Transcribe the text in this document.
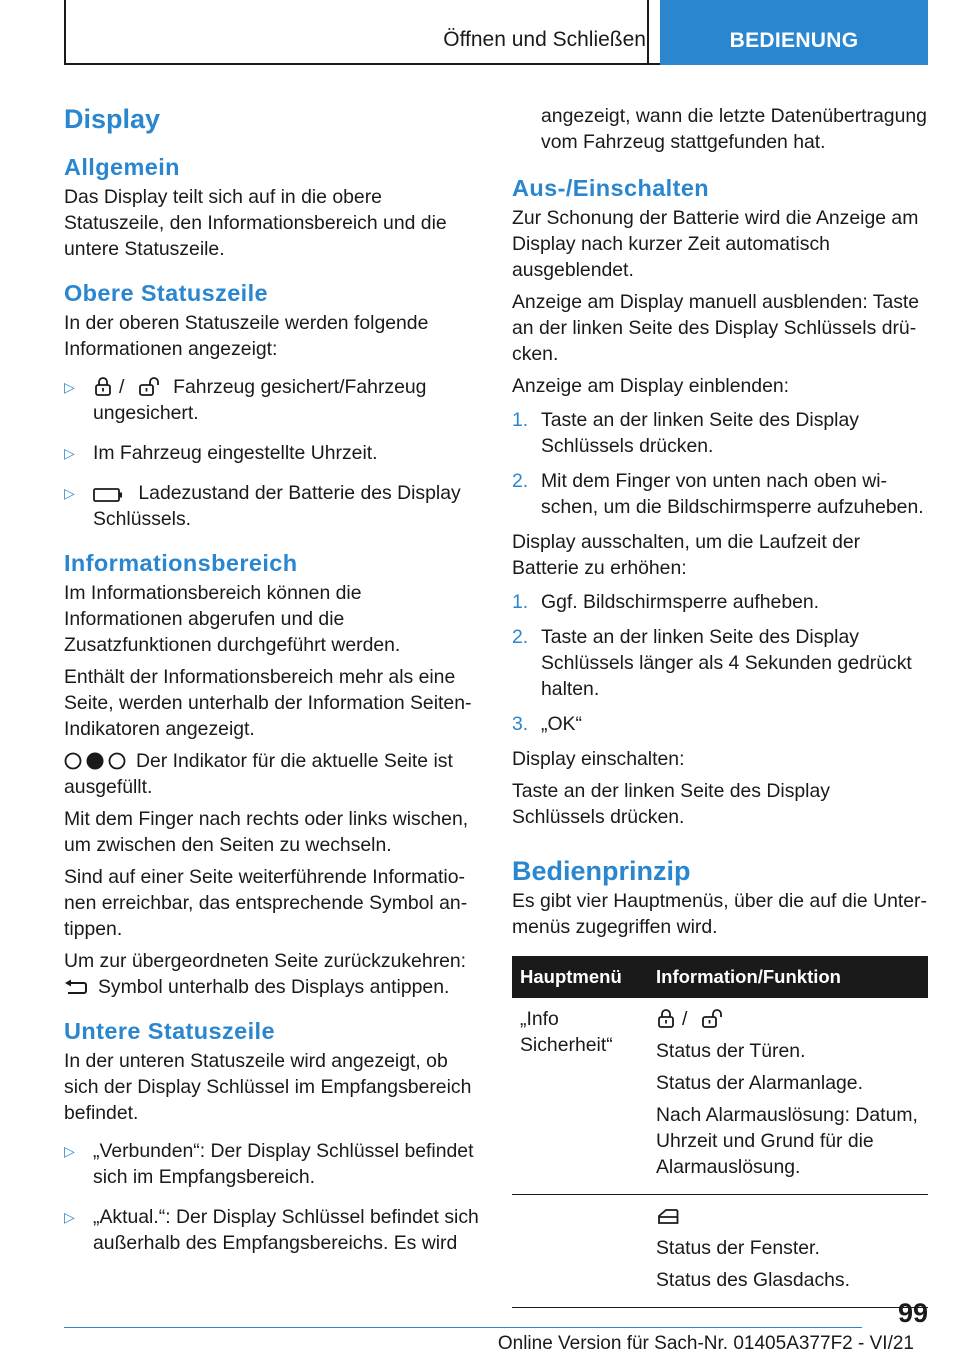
Öffnen und Schließen	BEDIENUNG
Display
Allgemein
Das Display teilt sich auf in die obere Statuszeile, den Informationsbereich und die untere Statuszeile.
Obere Statuszeile
In der oberen Statuszeile werden folgende Informationen angezeigt:
▷ /	Fahrzeug gesichert/Fahrzeug ungesichert.
▷ Im Fahrzeug eingestellte Uhrzeit.
▷	Ladezustand der Batterie des Display Schlüssels.
Informationsbereich
Im Informationsbereich können die Informationen abgerufen und die Zusatzfunktionen durchgeführt werden.
Enthält der Informationsbereich mehr als eine Seite, werden unterhalb der Information Seiten-Indikatoren angezeigt.
Der Indikator für die aktuelle Seite ist ausgefüllt.
Mit dem Finger nach rechts oder links wischen, um zwischen den Seiten zu wechseln.
Sind auf einer Seite weiterführende Informationen erreichbar, das entsprechende Symbol antippen.
Um zur übergeordneten Seite zurückzukehren:
Symbol unterhalb des Displays antippen.
Untere Statuszeile
In der unteren Statuszeile wird angezeigt, ob sich der Display Schlüssel im Empfangsbereich befindet.
▷ „Verbunden“: Der Display Schlüssel befindet sich im Empfangsbereich.
▷ „Aktual.“: Der Display Schlüssel befindet sich außerhalb des Empfangsbereichs. Es wird
angezeigt, wann die letzte Datenübertragung vom Fahrzeug stattgefunden hat.
Aus-/Einschalten
Zur Schonung der Batterie wird die Anzeige am Display nach kurzer Zeit automatisch ausgeblendet.
Anzeige am Display manuell ausblenden: Taste an der linken Seite des Display Schlüssels drücken.
Anzeige am Display einblenden:
1. Taste an der linken Seite des Display Schlüssels drücken.
2. Mit dem Finger von unten nach oben wischen, um die Bildschirmsperre aufzuheben.
Display ausschalten, um die Laufzeit der Batterie zu erhöhen:
1. Ggf. Bildschirmsperre aufheben.
2. Taste an der linken Seite des Display Schlüssels länger als 4 Sekunden gedrückt halten.
3. „OK“
Display einschalten:
Taste an der linken Seite des Display Schlüssels drücken.
Bedienprinzip
Es gibt vier Hauptmenüs, über die auf die Untermenüs zugegriffen wird.
Hauptmenü	Information/Funktion
„Info Sicherheit“	/
Status der Türen.
Status der Alarmanlage.
Nach Alarmauslösung: Datum, Uhrzeit und Grund für die Alarmauslösung.

	Status der Fenster.
Status des Glasdachs.
99
Online Version für Sach-Nr. 01405A377F2 - VI/21
